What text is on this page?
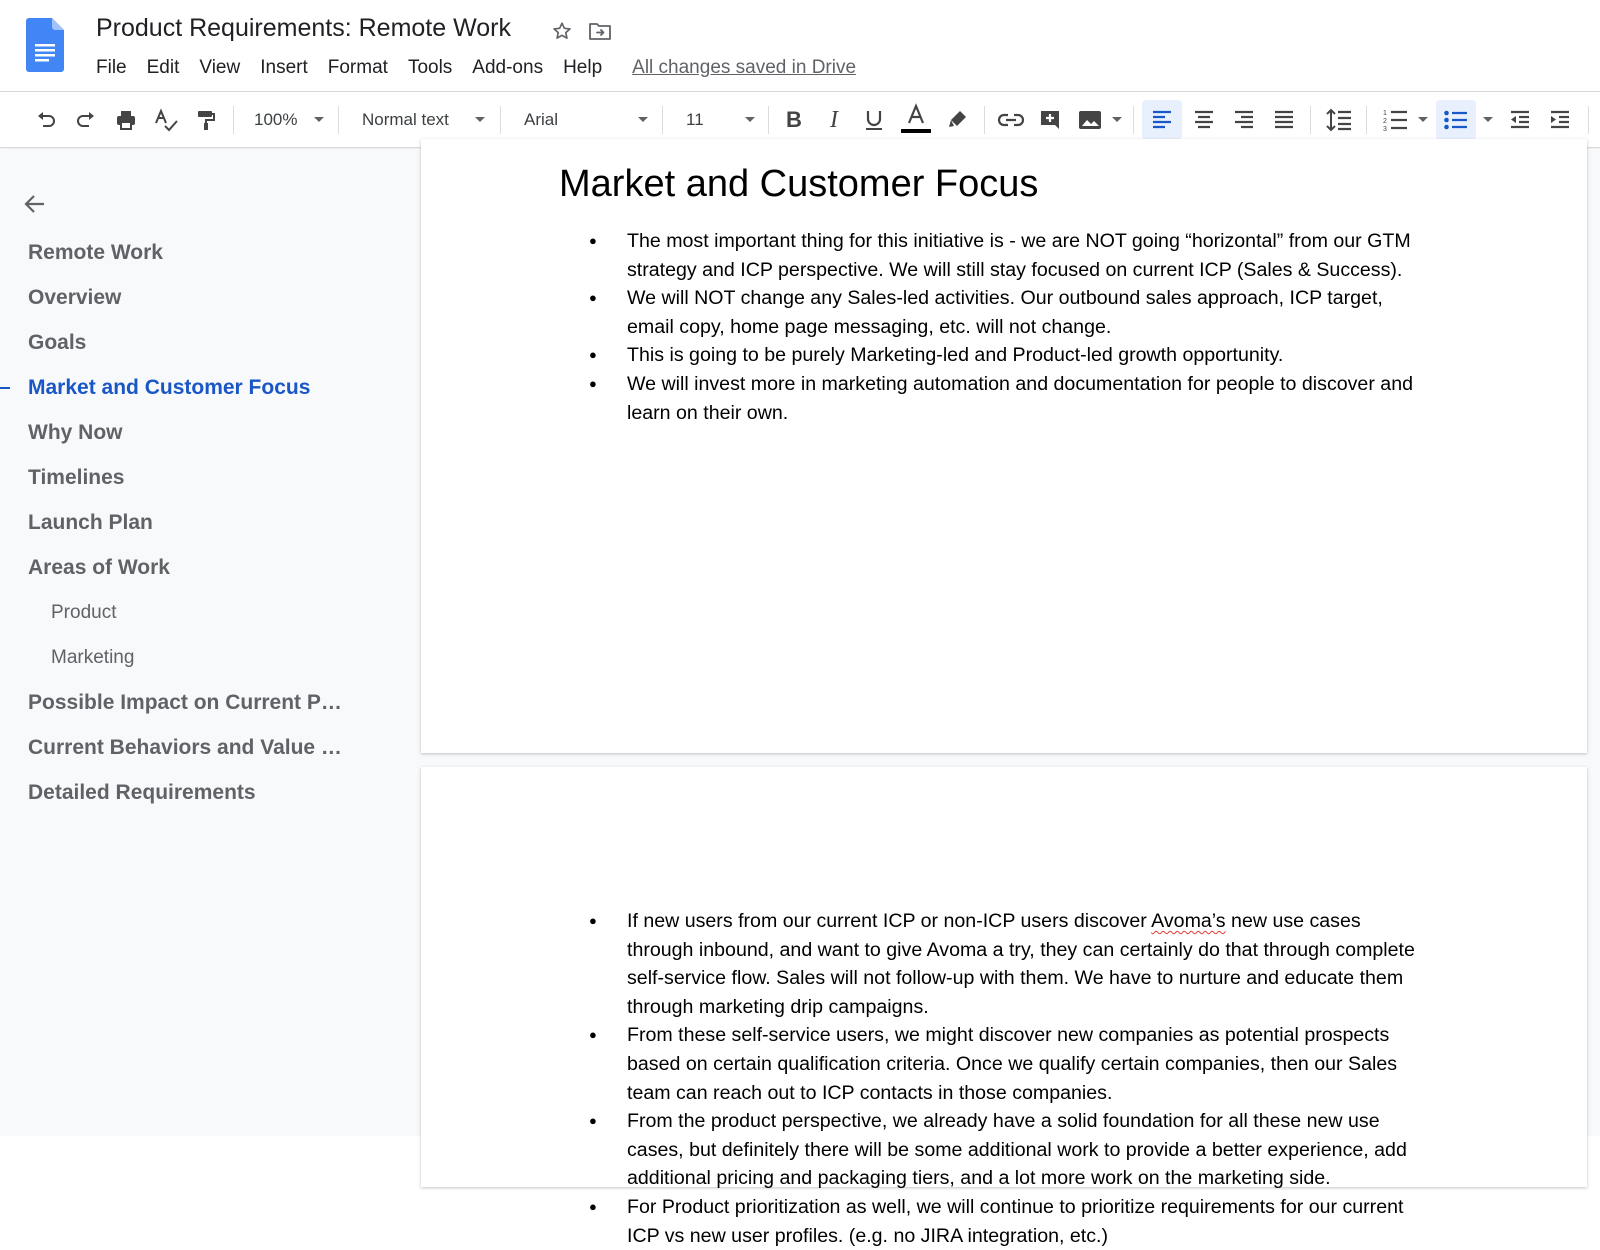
Product Requirements: Remote Work
File	Edit	View	Insert	Format	Tools	Add-ons	Help	All changes saved in Drive
100%	Normal text	Arial	11	B I	1
2
3
Remote Work
Overview
Goals
Market and Customer Focus
Why Now
Timelines
Launch Plan
Areas of Work
Product
Marketing
Possible Impact on Current P…
Current Behaviors and Value …
Detailed Requirements
Market and Customer Focus
● The most important thing for this initiative is - we are NOT going “horizontal” from our GTM strategy and ICP perspective. We will still stay focused on current ICP (Sales & Success).
● We will NOT change any Sales-led activities. Our outbound sales approach, ICP target, email copy, home page messaging, etc. will not change.
● This is going to be purely Marketing-led and Product-led growth opportunity.
● We will invest more in marketing automation and documentation for people to discover and learn on their own.
● If new users from our current ICP or non-ICP users discover Avoma’s new use cases through inbound, and want to give Avoma a try, they can certainly do that through complete self-service flow. Sales will not follow-up with them. We have to nurture and educate them through marketing drip campaigns.
● From these self-service users, we might discover new companies as potential prospects based on certain qualification criteria. Once we qualify certain companies, then our Sales team can reach out to ICP contacts in those companies.
● From the product perspective, we already have a solid foundation for all these new use cases, but definitely there will be some additional work to provide a better experience, add additional pricing and packaging tiers, and a lot more work on the marketing side.
● For Product prioritization as well, we will continue to prioritize requirements for our current ICP vs new user profiles. (e.g. no JIRA integration, etc.)
